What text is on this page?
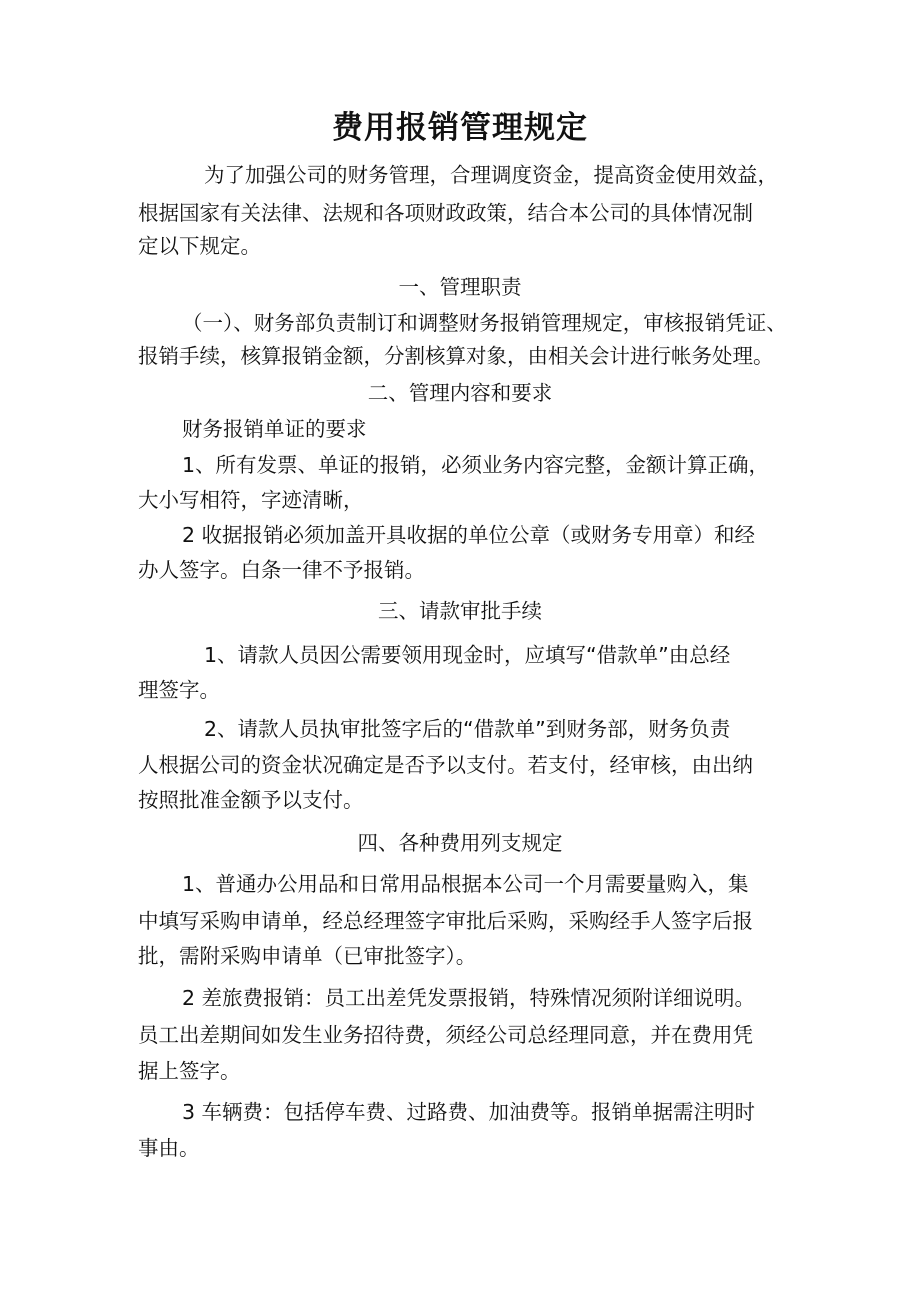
费用报销管理规定

为了加强公司的财务管理，合理调度资金，提高资金使用效益，

根据国家有关法律、法规和各项财政政策，结合本公司的具体情况制

定以下规定。

一、管理职责

（一）、财务部负责制订和调整财务报销管理规定，审核报销凭证、

报销手续，核算报销金额，分割核算对象，由相关会计进行帐务处理。

二、管理内容和要求

财务报销单证的要求

1、所有发票、单证的报销，必须业务内容完整，金额计算正确，

大小写相符，字迹清晰，

2 收据报销必须加盖开具收据的单位公章（或财务专用章）和经

办人签字。白条一律不予报销。

三、请款审批手续

1、请款人员因公需要领用现金时，应填写“借款单”由总经

理签字。

2、请款人员执审批签字后的“借款单”到财务部，财务负责

人根据公司的资金状况确定是否予以支付。若支付，经审核，由出纳

按照批准金额予以支付。

四、各种费用列支规定

1、普通办公用品和日常用品根据本公司一个月需要量购入，集

中填写采购申请单，经总经理签字审批后采购，采购经手人签字后报

批，需附采购申请单（已审批签字）。

2 差旅费报销：员工出差凭发票报销，特殊情况须附详细说明。

员工出差期间如发生业务招待费，须经公司总经理同意，并在费用凭

据上签字。

3 车辆费：包括停车费、过路费、加油费等。报销单据需注明时

事由。
